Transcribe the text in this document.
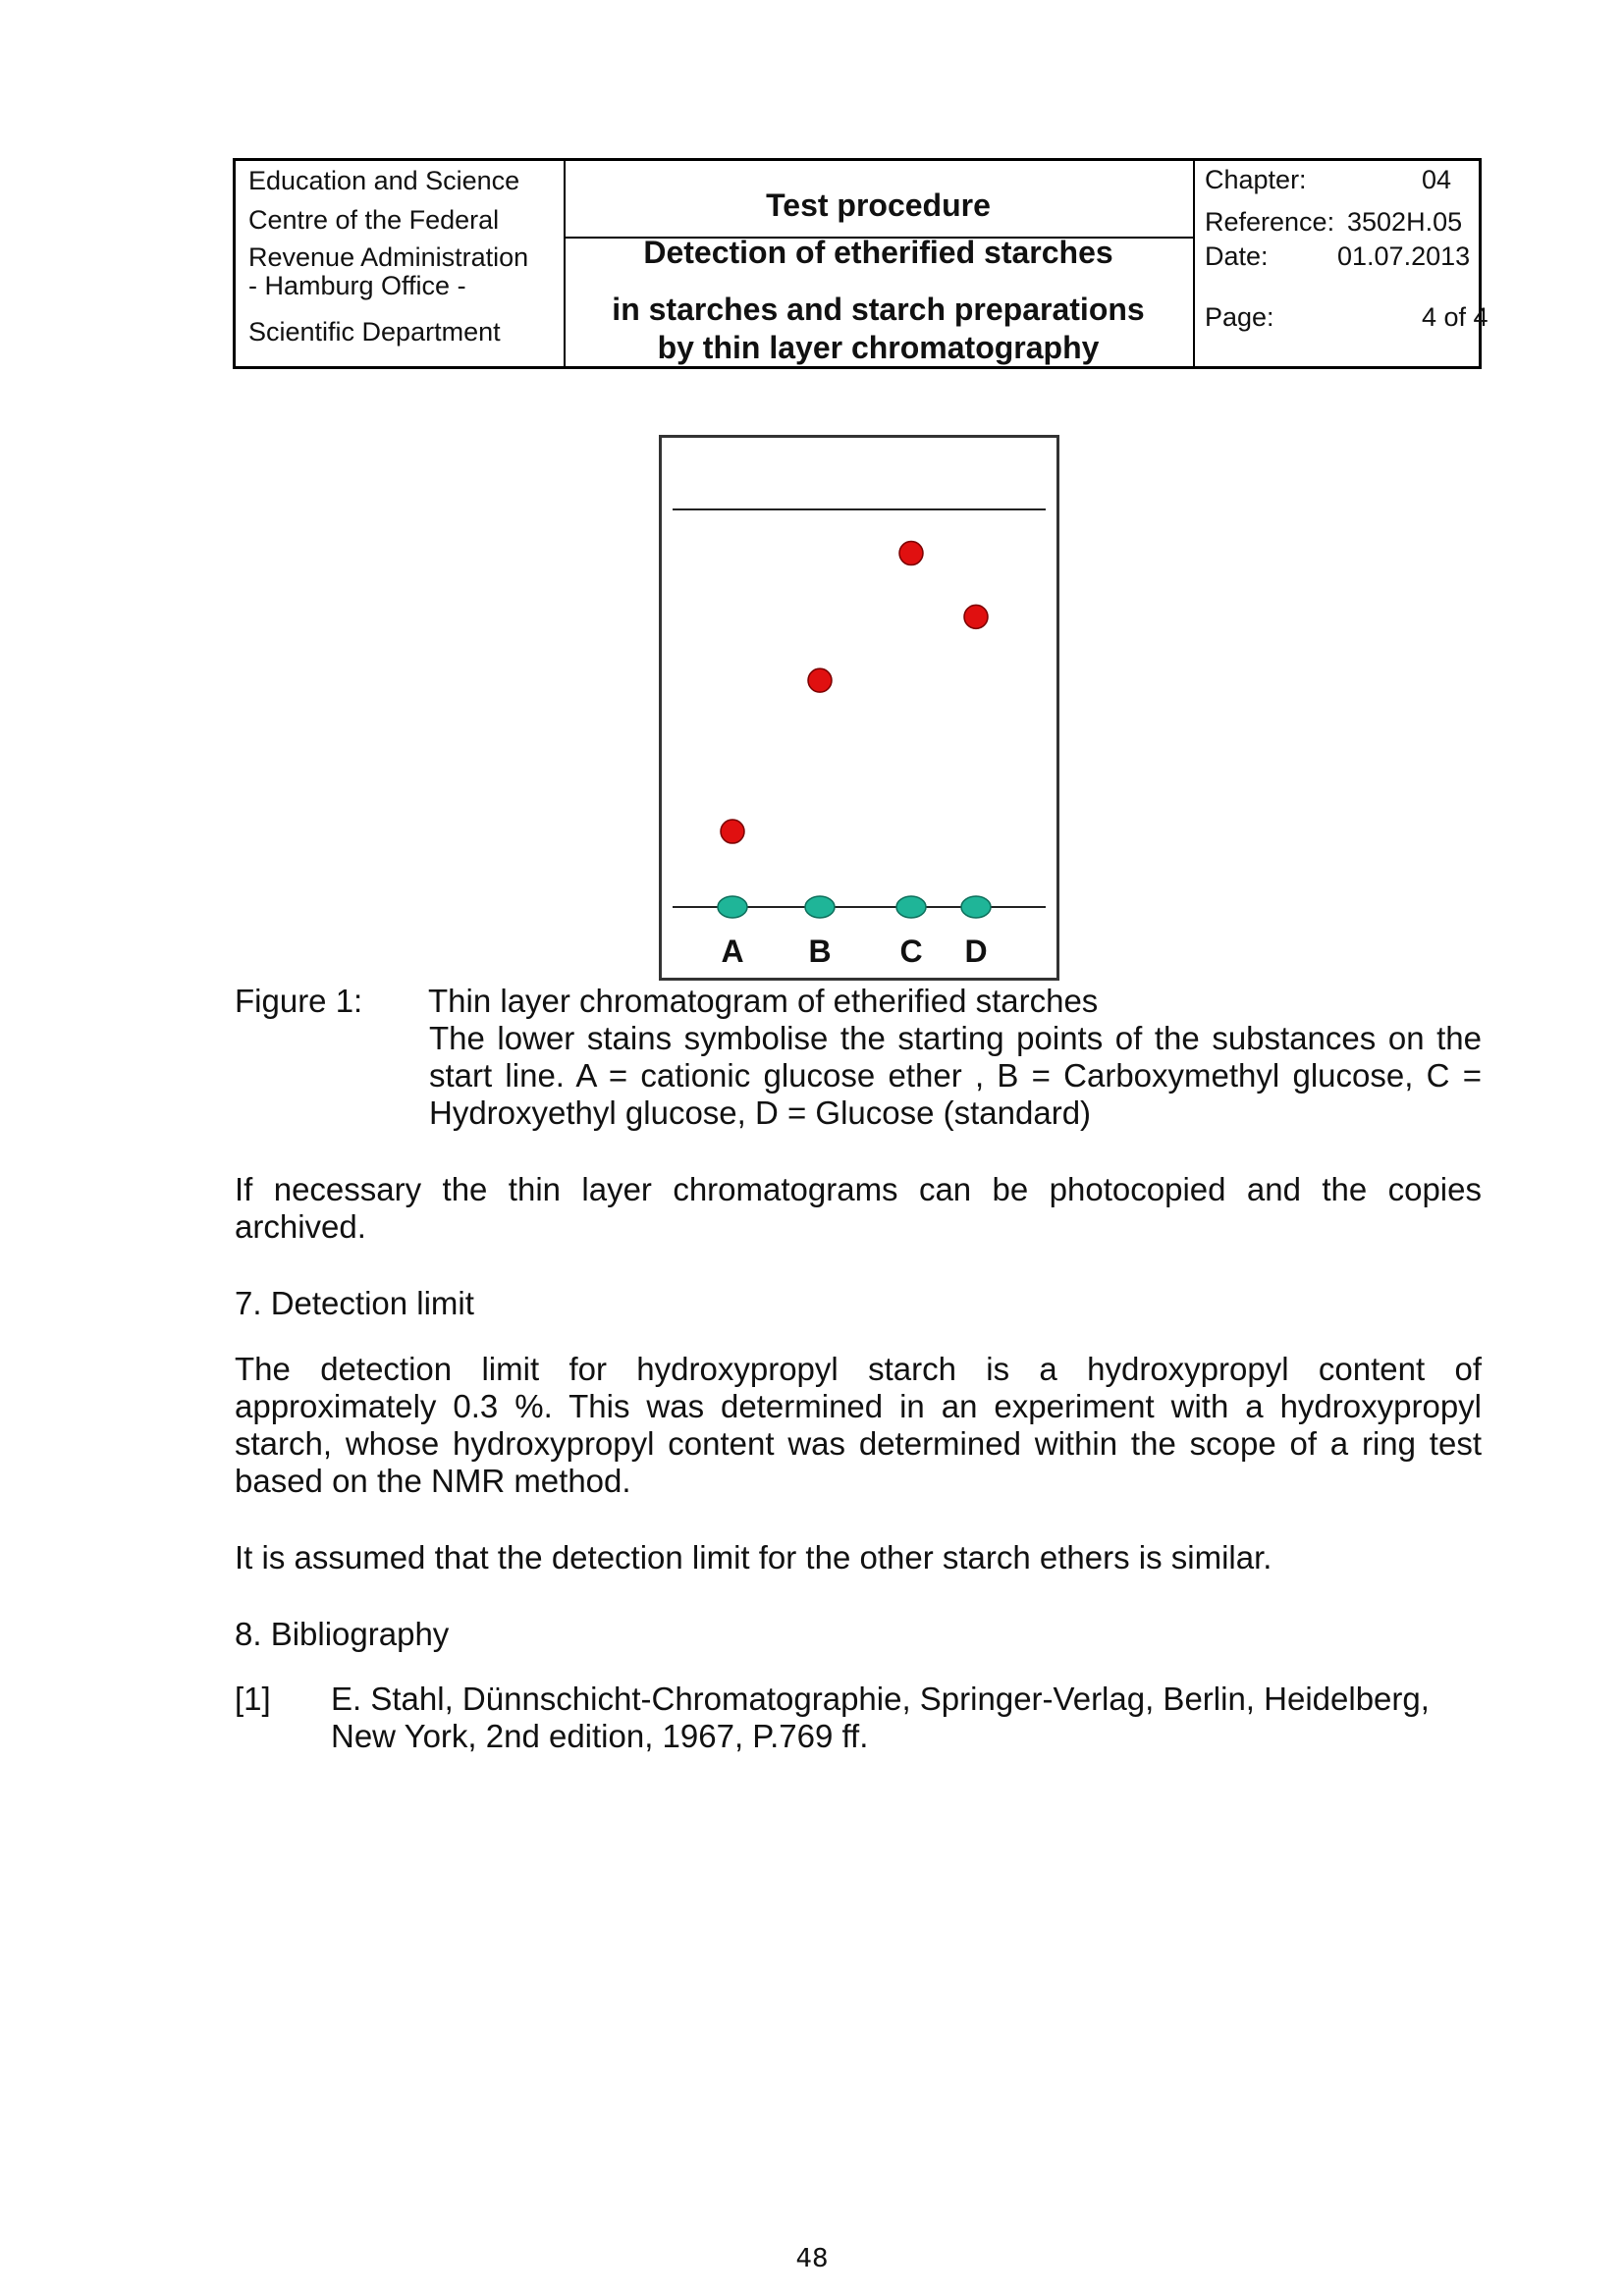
Education and Science
Centre of the Federal
Revenue Administration
- Hamburg Office -
Scientific Department
Test procedure
Detection of etherified starches
in starches and starch preparations
by thin layer chromatography
Chapter:	04
Reference: 3502H.05
Date:	01.07.2013
Page:	4 of 4
A B C D
Figure 1: Thin layer chromatogram of etherified starches
The lower stains symbolise the starting points of the substances on the start line. A = cationic glucose ether , B = Carboxymethyl glucose, C = Hydroxyethyl glucose, D = Glucose (standard)
If necessary the thin layer chromatograms can be photocopied and the copies archived.
7. Detection limit
The detection limit for hydroxypropyl starch is a hydroxypropyl content of approximately 0.3 %. This was determined in an experiment with a hydroxypropyl starch, whose hydroxypropyl content was determined within the scope of a ring test based on the NMR method.
It is assumed that the detection limit for the other starch ethers is similar.
8. Bibliography
[1] E. Stahl, Dünnschicht-Chromatographie, Springer-Verlag, Berlin, Heidelberg, New York, 2nd edition, 1967, P.769 ff.
48
